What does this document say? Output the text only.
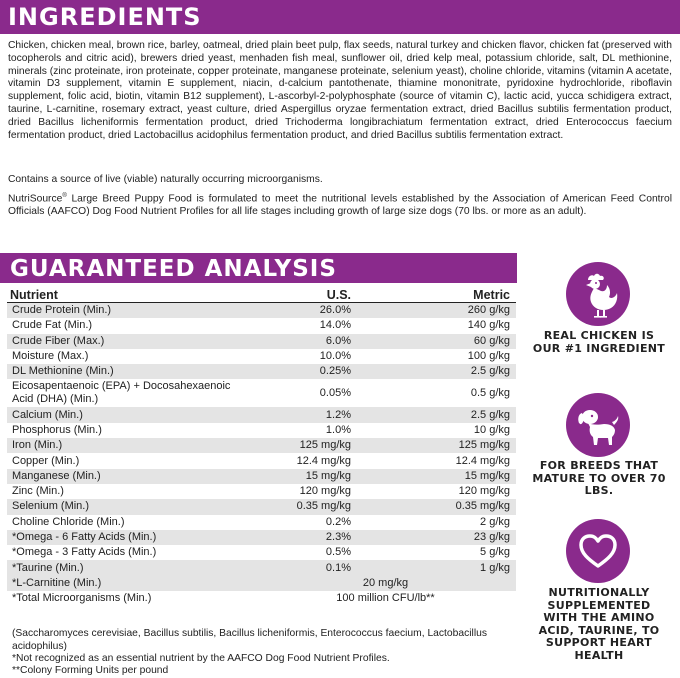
INGREDIENTS

Chicken, chicken meal, brown rice, barley, oatmeal, dried plain beet pulp, flax seeds, natural turkey and chicken flavor, chicken fat (preserved with tocopherols and citric acid), brewers dried yeast, menhaden fish meal, sunflower oil, dried kelp meal, potassium chloride, salt, DL methionine, minerals (zinc proteinate, iron proteinate, copper proteinate, manganese proteinate, selenium yeast), choline chloride, vitamins (vitamin A acetate, vitamin D3 supplement, vitamin E supplement, niacin, d-calcium pantothenate, thiamine mononitrate, pyridoxine hydrochloride, riboflavin supplement, folic acid, biotin, vitamin B12 supplement), L-ascorbyl-2-polyphosphate (source of vitamin C), lactic acid, yucca schidigera extract, taurine, L-carnitine, rosemary extract, yeast culture, dried Aspergillus oryzae fermentation extract, dried Bacillus subtilis fermentation product, dried Bacillus licheniformis fermentation product, dried Trichoderma longibrachiatum fermentation extract, dried Enterococcus faecium fermentation product, dried Lactobacillus acidophilus fermentation product, and dried Bacillus subtilis fermentation extract.

Contains a source of live (viable) naturally occurring microorganisms.

NutriSource® Large Breed Puppy Food is formulated to meet the nutritional levels established by the Association of American Feed Control Officials (AAFCO) Dog Food Nutrient Profiles for all life stages including growth of large size dogs (70 lbs. or more as an adult).

GUARANTEED ANALYSIS
Nutrient	U.S.	Metric
Crude Protein (Min.)	26.0%	260 g/kg
Crude Fat (Min.)	14.0%	140 g/kg
Crude Fiber (Max.)	6.0%	60 g/kg
Moisture (Max.)	10.0%	100 g/kg
DL Methionine (Min.)	0.25%	2.5 g/kg
Eicosapentaenoic (EPA) + Docosahexaenoic Acid (DHA) (Min.)	0.05%	0.5 g/kg
Calcium (Min.)	1.2%	2.5 g/kg
Phosphorus (Min.)	1.0%	10 g/kg
Iron (Min.)	125 mg/kg	125 mg/kg
Copper (Min.)	12.4 mg/kg	12.4 mg/kg
Manganese (Min.)	15 mg/kg	15 mg/kg
Zinc (Min.)	120 mg/kg	120 mg/kg
Selenium (Min.)	0.35 mg/kg	0.35 mg/kg
Choline Chloride (Min.)	0.2%	2 g/kg
*Omega - 6 Fatty Acids (Min.)	2.3%	23 g/kg
*Omega - 3 Fatty Acids (Min.)	0.5%	5 g/kg
*Taurine (Min.)	0.1%	1 g/kg
*L-Carnitine (Min.)	20 mg/kg	
*Total Microorganisms (Min.)	100 million CFU/lb**	

(Saccharomyces cerevisiae, Bacillus subtilis, Bacillus licheniformis, Enterococcus faecium, Lactobacillus acidophilus)

*Not recognized as an essential nutrient by the AAFCO Dog Food Nutrient Profiles.

**Colony Forming Units per pound

REAL CHICKEN IS OUR #1 INGREDIENT
FOR BREEDS THAT MATURE TO OVER 70 LBS.
NUTRITIONALLY SUPPLEMENTED WITH THE AMINO ACID, TAURINE, TO SUPPORT HEART HEALTH
